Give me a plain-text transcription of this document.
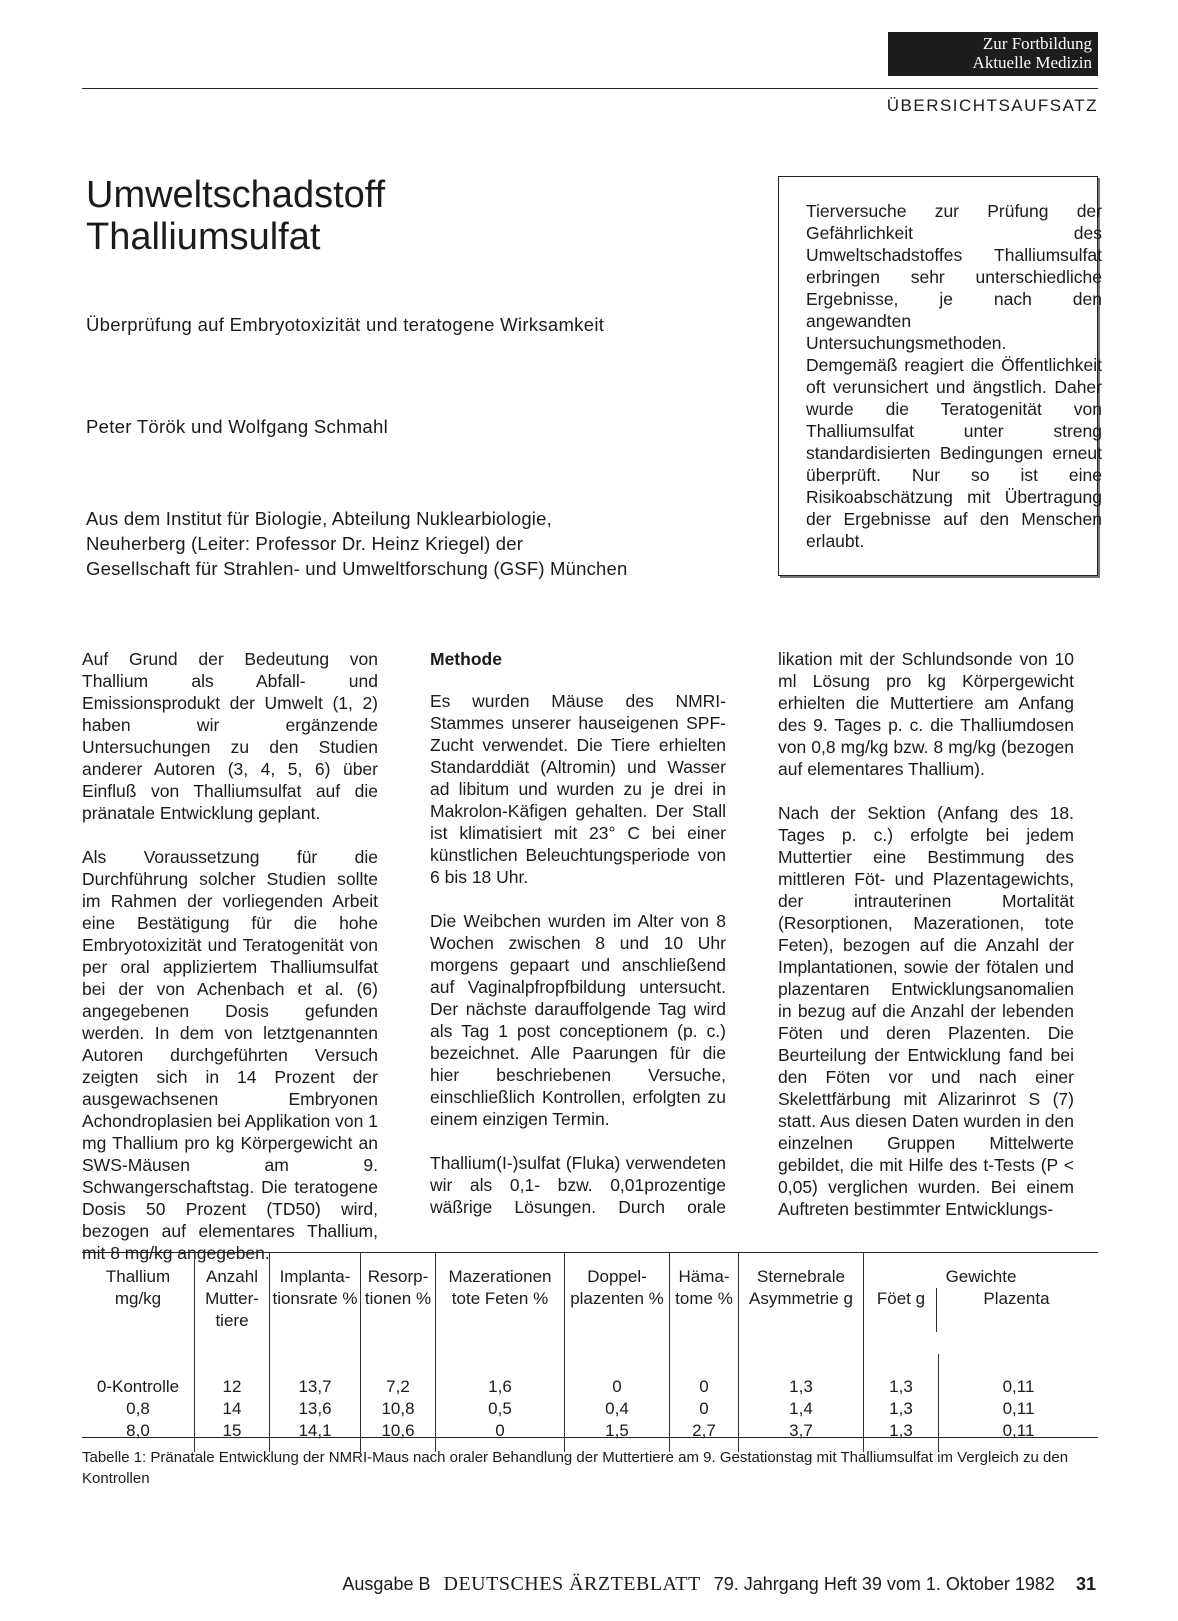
Zur Fortbildung
Aktuelle Medizin
ÜBERSICHTSAUFSATZ
Umweltschadstoff
Thalliumsulfat
Überprüfung auf Embryotoxizität und teratogene Wirksamkeit
Peter Török und Wolfgang Schmahl
Aus dem Institut für Biologie, Abteilung Nuklearbiologie,
Neuherberg (Leiter: Professor Dr. Heinz Kriegel) der
Gesellschaft für Strahlen- und Umweltforschung (GSF) München
Tierversuche zur Prüfung der Gefährlichkeit des Umweltschadstoffes Thalliumsulfat erbringen sehr unterschiedliche Ergebnisse, je nach den angewandten Untersuchungsmethoden. Demgemäß reagiert die Öffentlichkeit oft verunsichert und ängstlich. Daher wurde die Teratogenität von Thalliumsulfat unter streng standardisierten Bedingungen erneut überprüft. Nur so ist eine Risikoabschätzung mit Übertragung der Ergebnisse auf den Menschen erlaubt.

Auf Grund der Bedeutung von Thallium als Abfall- und Emissionsprodukt der Umwelt (1, 2) haben wir ergänzende Untersuchungen zu den Studien anderer Autoren (3, 4, 5, 6) über Einfluß von Thalliumsulfat auf die pränatale Entwicklung geplant.

Als Voraussetzung für die Durchführung solcher Studien sollte im Rahmen der vorliegenden Arbeit eine Bestätigung für die hohe Embryotoxizität und Teratogenität von per oral appliziertem Thalliumsulfat bei der von Achenbach et al. (6) angegebenen Dosis gefunden werden. In dem von letztgenannten Autoren durchgeführten Versuch zeigten sich in 14 Prozent der ausgewachsenen Embryonen Achondroplasien bei Applikation von 1 mg Thallium pro kg Körpergewicht an SWS-Mäusen am 9. Schwangerschaftstag. Die teratogene Dosis 50 Prozent (TD50) wird, bezogen auf elementares Thallium, mit 8 mg/kg angegeben.

Methode

Es wurden Mäuse des NMRI-Stammes unserer hauseigenen SPF-Zucht verwendet. Die Tiere erhielten Standarddiät (Altromin) und Wasser ad libitum und wurden zu je drei in Makrolon-Käfigen gehalten. Der Stall ist klimatisiert mit 23° C bei einer künstlichen Beleuchtungsperiode von 6 bis 18 Uhr.

Die Weibchen wurden im Alter von 8 Wochen zwischen 8 und 10 Uhr morgens gepaart und anschließend auf Vaginalpfropfbildung untersucht. Der nächste darauffolgende Tag wird als Tag 1 post conceptionem (p. c.) bezeichnet. Alle Paarungen für die hier beschriebenen Versuche, einschließlich Kontrollen, erfolgten zu einem einzigen Termin.

Thallium(I-)sulfat (Fluka) verwendeten wir als 0,1- bzw. 0,01prozentige wäßrige Lösungen. Durch orale

likation mit der Schlundsonde von 10 ml Lösung pro kg Körpergewicht erhielten die Muttertiere am Anfang des 9. Tages p. c. die Thalliumdosen von 0,8 mg/kg bzw. 8 mg/kg (bezogen auf elementares Thallium).

Nach der Sektion (Anfang des 18. Tages p. c.) erfolgte bei jedem Muttertier eine Bestimmung des mittleren Föt- und Plazentagewichts, der intrauterinen Mortalität (Resorptionen, Mazerationen, tote Feten), bezogen auf die Anzahl der Implantationen, sowie der fötalen und plazentaren Entwicklungsanomalien in bezug auf die Anzahl der lebenden Föten und deren Plazenten. Die Beurteilung der Entwicklung fand bei den Föten vor und nach einer Skelettfärbung mit Alizarinrot S (7) statt. Aus diesen Daten wurden in den einzelnen Gruppen Mittelwerte gebildet, die mit Hilfe des t-Tests (P < 0,05) verglichen wurden. Bei einem Auftreten bestimmter Entwicklungs-

Thallium mg/kg	Anzahl Mutter-tiere	Implanta-tionsrate %	Resorp-tionen %	Mazerationen tote Feten %	Doppel-plazenten %	Häma-tome %	Sternebrale Asymmetrie g	Gewichte
Föet g Plazenta	

0-Kontrolle	12	13,7	7,2	1,6	0	0	1,3	1,3	0,11
0,8	14	13,6	10,8	0,5	0,4	0	1,4	1,3	0,11
8,0	15	14,1	10,6	0	1,5	2,7	3,7	1,3	0,11
Tabelle 1: Pränatale Entwicklung der NMRI-Maus nach oraler Behandlung der Muttertiere am 9. Gestationstag mit Thalliumsulfat im Vergleich zu den Kontrollen
Ausgabe B DEUTSCHES ÄRZTEBLATT 79. Jahrgang Heft 39 vom 1. Oktober 1982 31
